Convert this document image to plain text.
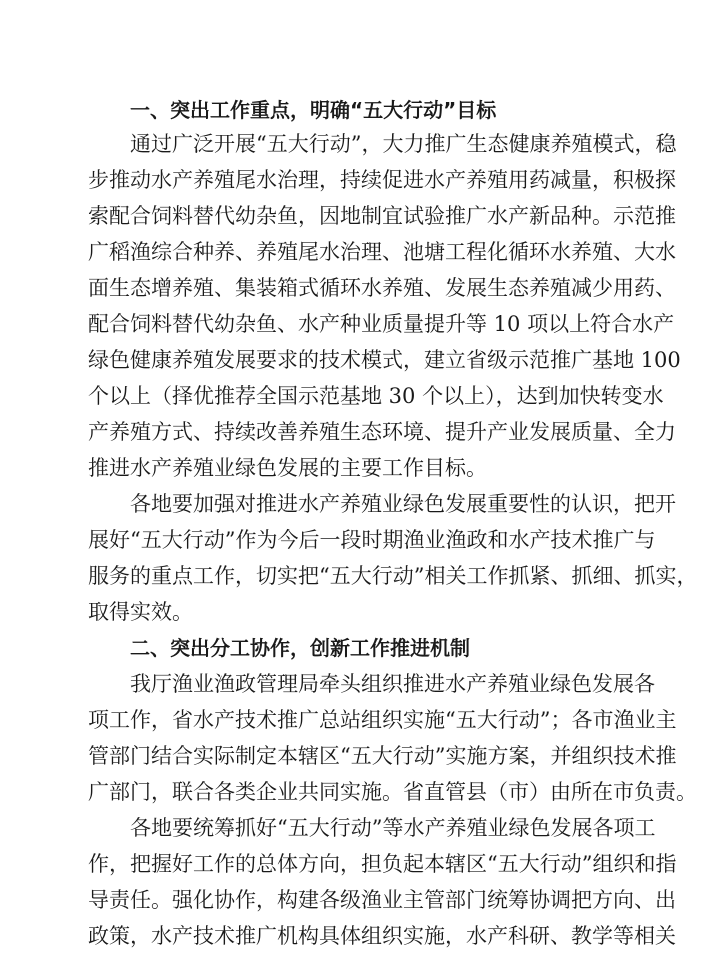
一、突出工作重点，明确“五大行动”目标
通过广泛开展“五大行动”，大力推广生态健康养殖模式，稳
步推动水产养殖尾水治理，持续促进水产养殖用药减量，积极探
索配合饲料替代幼杂鱼，因地制宜试验推广水产新品种。示范推
广稻渔综合种养、养殖尾水治理、池塘工程化循环水养殖、大水
面生态增养殖、集装箱式循环水养殖、发展生态养殖减少用药、
配合饲料替代幼杂鱼、水产种业质量提升等 10 项以上符合水产
绿色健康养殖发展要求的技术模式，建立省级示范推广基地 100
个以上（择优推荐全国示范基地 30 个以上），达到加快转变水
产养殖方式、持续改善养殖生态环境、提升产业发展质量、全力
推进水产养殖业绿色发展的主要工作目标。
各地要加强对推进水产养殖业绿色发展重要性的认识，把开
展好“五大行动”作为今后一段时期渔业渔政和水产技术推广与
服务的重点工作，切实把“五大行动”相关工作抓紧、抓细、抓实，
取得实效。
二、突出分工协作，创新工作推进机制
我厅渔业渔政管理局牵头组织推进水产养殖业绿色发展各
项工作，省水产技术推广总站组织实施“五大行动”；各市渔业主
管部门结合实际制定本辖区“五大行动”实施方案，并组织技术推
广部门，联合各类企业共同实施。省直管县（市）由所在市负责。
各地要统筹抓好“五大行动”等水产养殖业绿色发展各项工
作，把握好工作的总体方向，担负起本辖区“五大行动”组织和指
导责任。强化协作，构建各级渔业主管部门统筹协调把方向、出
政策，水产技术推广机构具体组织实施，水产科研、教学等相关
